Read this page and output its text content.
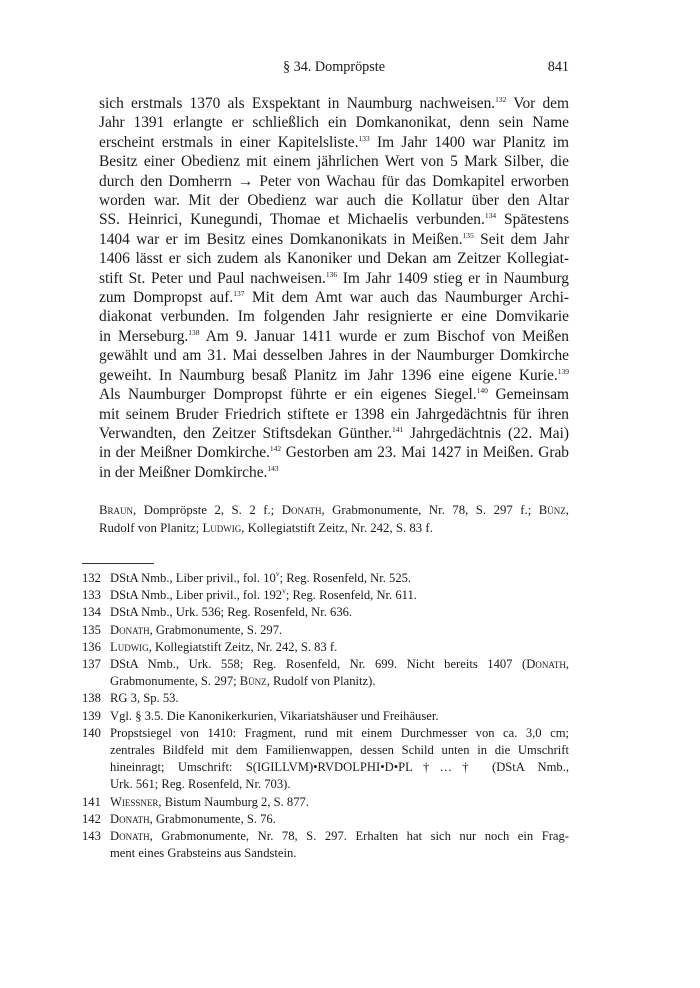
§ 34. Dompröpste	841
sich erstmals 1370 als Exspektant in Naumburg nachweisen.$^{132}$ Vor dem
Jahr 1391 erlangte er schließlich ein Domkanonikat, denn sein Name
erscheint erstmals in einer Kapitelsliste.$^{133}$ Im Jahr 1400 war Planitz im
Besitz einer Obedienz mit einem jährlichen Wert von 5 Mark Silber, die
durch den Domherrn → Peter von Wachau für das Domkapitel erworben
worden war. Mit der Obedienz war auch die Kollatur über den Altar
SS. Heinrici, Kunegundi, Thomae et Michaelis verbunden.$^{134}$ Spätestens
1404 war er im Besitz eines Domkanonikats in Meißen.$^{135}$ Seit dem Jahr
1406 lässt er sich zudem als Kanoniker und Dekan am Zeitzer Kollegiat-
stift St. Peter und Paul nachweisen.$^{136}$ Im Jahr 1409 stieg er in Naumburg
zum Dompropst auf.$^{137}$ Mit dem Amt war auch das Naumburger Archi-
diakonat verbunden. Im folgenden Jahr resignierte er eine Domvikarie
in Merseburg.$^{138}$ Am 9. Januar 1411 wurde er zum Bischof von Meißen
gewählt und am 31. Mai desselben Jahres in der Naumburger Domkirche
geweiht. In Naumburg besaß Planitz im Jahr 1396 eine eigene Kurie.$^{139}$
Als Naumburger Dompropst führte er ein eigenes Siegel.$^{140}$ Gemeinsam
mit seinem Bruder Friedrich stiftete er 1398 ein Jahrgedächtnis für ihren
Verwandten, den Zeitzer Stiftsdekan Günther.$^{141}$ Jahrgedächtnis (22. Mai)
in der Meißner Domkirche.$^{142}$ Gestorben am 23. Mai 1427 in Meißen. Grab
in der Meißner Domkirche.$^{143}$
Braun, Dompröpste 2, S. 2 f.; Donath, Grabmonumente, Nr. 78, S. 297 f.; Bünz,
Rudolf von Planitz; Ludwig, Kollegiatstift Zeitz, Nr. 242, S. 83 f.
132 DStA Nmb., Liber privil., fol. 10$^v$; Reg. Rosenfeld, Nr. 525.
133 DStA Nmb., Liber privil., fol. 192$^v$; Reg. Rosenfeld, Nr. 611.
134 DStA Nmb., Urk. 536; Reg. Rosenfeld, Nr. 636.
135 Donath, Grabmonumente, S. 297.
136 Ludwig, Kollegiatstift Zeitz, Nr. 242, S. 83 f.
137 DStA Nmb., Urk. 558; Reg. Rosenfeld, Nr. 699. Nicht bereits 1407 (Donath,
Grabmonumente, S. 297; Bünz, Rudolf von Planitz).
138 RG 3, Sp. 53.
139 Vgl. § 3.5. Die Kanonikerkurien, Vikariatshäuser und Freihäuser.
140 Propstsiegel von 1410: Fragment, rund mit einem Durchmesser von ca. 3,0 cm;
zentrales Bildfeld mit dem Familienwappen, dessen Schild unten in die Umschrift
hineinragt; Umschrift: S(IGILLVM)•RVDOLPHI•D•PL†…† (DStA Nmb.,
Urk. 561; Reg. Rosenfeld, Nr. 703).
141 Wiessner, Bistum Naumburg 2, S. 877.
142 Donath, Grabmonumente, S. 76.
143 Donath, Grabmonumente, Nr. 78, S. 297. Erhalten hat sich nur noch ein Frag-
ment eines Grabsteins aus Sandstein.
